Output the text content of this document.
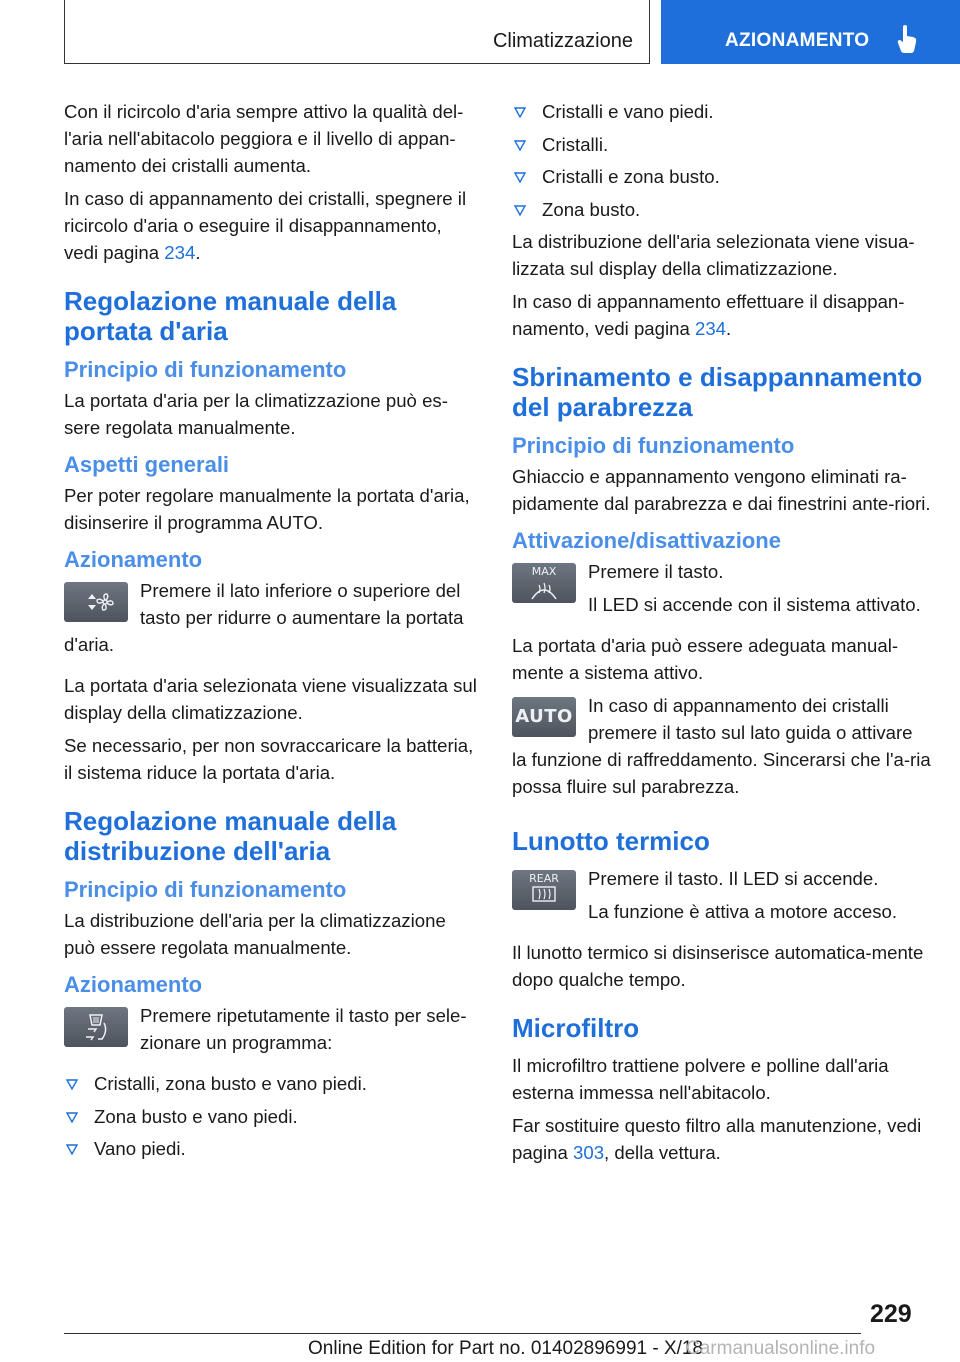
Climatizzazione	AZIONAMENTO

Con il ricircolo d'aria sempre attivo la qualità del-l'aria nell'abitacolo peggiora e il livello di appan-namento dei cristalli aumenta.

In caso di appannamento dei cristalli, spegnere il ricircolo d'aria o eseguire il disappannamento, vedi pagina 234.

Regolazione manuale della portata d'aria
Principio di funzionamento

La portata d'aria per la climatizzazione può es-sere regolata manualmente.

Aspetti generali

Per poter regolare manualmente la portata d'aria, disinserire il programma AUTO.

Azionamento

Premere il lato inferiore o superiore del tasto per ridurre o aumentare la portata d'aria.

La portata d'aria selezionata viene visualizzata sul display della climatizzazione.

Se necessario, per non sovraccaricare la batteria, il sistema riduce la portata d'aria.

Regolazione manuale della distribuzione dell'aria
Principio di funzionamento

La distribuzione dell'aria per la climatizzazione può essere regolata manualmente.

Azionamento

Premere ripetutamente il tasto per sele-zionare un programma:

Cristalli, zona busto e vano piedi.
Zona busto e vano piedi.
Vano piedi.
Cristalli e vano piedi.
Cristalli.
Cristalli e zona busto.
Zona busto.

La distribuzione dell'aria selezionata viene visua-lizzata sul display della climatizzazione.

In caso di appannamento effettuare il disappan-namento, vedi pagina 234.

Sbrinamento e disappannamento del parabrezza
Principio di funzionamento

Ghiaccio e appannamento vengono eliminati ra-pidamente dal parabrezza e dai finestrini ante-riori.

Attivazione/disattivazione
MAX	Premere il tasto.

Il LED si accende con il sistema attivato.

La portata d'aria può essere adeguata manual-mente a sistema attivo.

AUTO

In caso di appannamento dei cristalli premere il tasto sul lato guida o attivare la funzione di raffreddamento. Sincerarsi che l'a-ria possa fluire sul parabrezza.

Lunotto termico
REAR	Premere il tasto. Il LED si accende.

La funzione è attiva a motore acceso.

Il lunotto termico si disinserisce automatica-mente dopo qualche tempo.

Microfiltro

Il microfiltro trattiene polvere e polline dall'aria esterna immessa nell'abitacolo.

Far sostituire questo filtro alla manutenzione, vedi pagina 303, della vettura.

229
Online Edition for Part no. 01402896991 - X/18
Carmanualsonline.info
